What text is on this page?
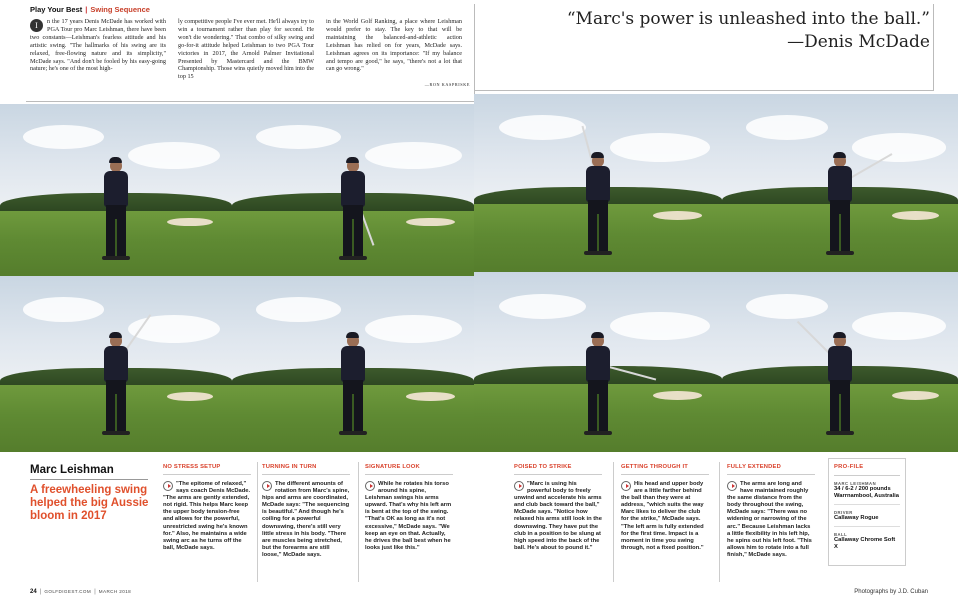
Play Your Best | Swing Sequence
I	n the 17 years Denis McDade has worked with PGA Tour pro Marc Leishman, there have been two constants—Leishman's fearless attitude and his artistic swing. "The hallmarks of his swing are its relaxed, free-flowing nature and its simplicity," McDade says. "And don't be fooled by his easy-going nature; he's one of the most high-
ly competitive people I've ever met. He'll always try to win a tournament rather than play for second. He won't die wondering." That combo of silky swing and go-for-it attitude helped Leishman to two PGA Tour victories in 2017, the Arnold Palmer Invitational Presented by Mastercard and the BMW Championship. Those wins quietly moved him into the top 15
in the World Golf Ranking, a place where Leishman would prefer to stay. The key to that will be maintaining the balanced-and-athletic action Leishman has relied on for years, McDade says. Leishman agrees on its importance: "If my balance and tempo are good," he says, "there's not a lot that can go wrong."
—RON KASPRISKE
“Marc's power is unleashed into the ball.”
—Denis McDade
Marc Leishman
A freewheeling swing helped the big Aussie bloom in 2017
NO STRESS SETUP
"The epitome of relaxed," says coach Denis McDade. "The arms are gently extended, not rigid. This helps Marc keep the upper body tension-free and allows for the powerful, unrestricted swing he's known for." Also, he maintains a wide swing arc as he turns off the ball, McDade says.
TURNING IN TURN
The different amounts of rotation from Marc's spine, hips and arms are coordinated, McDade says: "The sequencing is beautiful." And though he's coiling for a powerful downswing, there's still very little stress in his body. "There are muscles being stretched, but the forearms are still loose," McDade says.
SIGNATURE LOOK
While he rotates his torso around his spine, Leishman swings his arms upward. That's why his left arm is bent at the top of the swing. "That's OK as long as it's not excessive," McDade says. "We keep an eye on that. Actually, he drives the ball best when he looks just like this."
POISED TO STRIKE
"Marc is using his powerful body to freely unwind and accelerate his arms and club back toward the ball," McDade says. "Notice how relaxed his arms still look in the downswing. They have put the club in a position to be slung at high speed into the back of the ball. He's about to pound it."
GETTING THROUGH IT
His head and upper body are a little farther behind the ball than they were at address, "which suits the way Marc likes to deliver the club for the strike," McDade says. "The left arm is fully extended for the first time. Impact is a moment in time you swing through, not a fixed position."
FULLY EXTENDED
The arms are long and have maintained roughly the same distance from the body throughout the swing, McDade says: "There was no widening or narrowing of the arc." Because Leishman lacks a little flexibility in his left hip, he spins out his left foot. "This allows him to rotate into a full finish," McDade says.
PRO-FILE
MARC LEISHMAN
34 / 6-2 / 200 pounds Warrnambool, Australia
DRIVER
Callaway Rogue
BALL
Callaway Chrome Soft X
24 | GOLFDIGEST.COM | MARCH 2018	Photographs by J.D. Cuban
